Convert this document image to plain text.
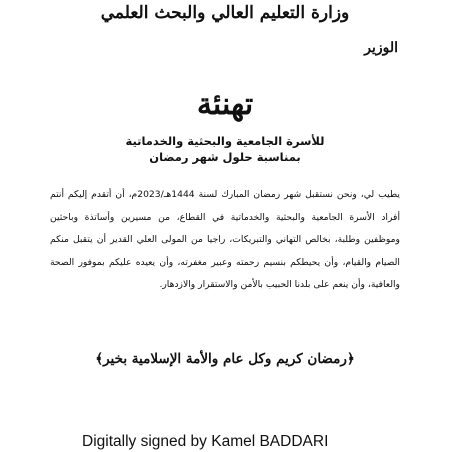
وزارة التعليم العالي والبحث العلمي
الوزير
تهنئة
للأسرة الجامعية والبحثية والخدماتية
بمناسبة حلول شهر رمضان

يطيب لي، ونحن نستقبل شهر رمضان المبارك لسنة 1444هـ/2023م، أن أتقدم إليكم أنتم أفراد الأسرة الجامعية والبحثية والخدماتية في القطاع، من مسيرين وأساتذة وباحثين وموظفين وطلبة، بخالص التهاني والتبريكات، راجيا من المولى العلي القدير أن يتقبل منكم الصيام والقيام، وأن يحيطكم بنسيم رحمته وعبير مغفرته، وأن يعيده عليكم بموفور الصحة والعافية، وأن ينعم على بلدنا الحبيب بالأمن والاستقرار والازدهار.

﴿رمضان كريم وكل عام والأمة الإسلامية بخير﴾
Digitally signed by Kamel BADDARI
